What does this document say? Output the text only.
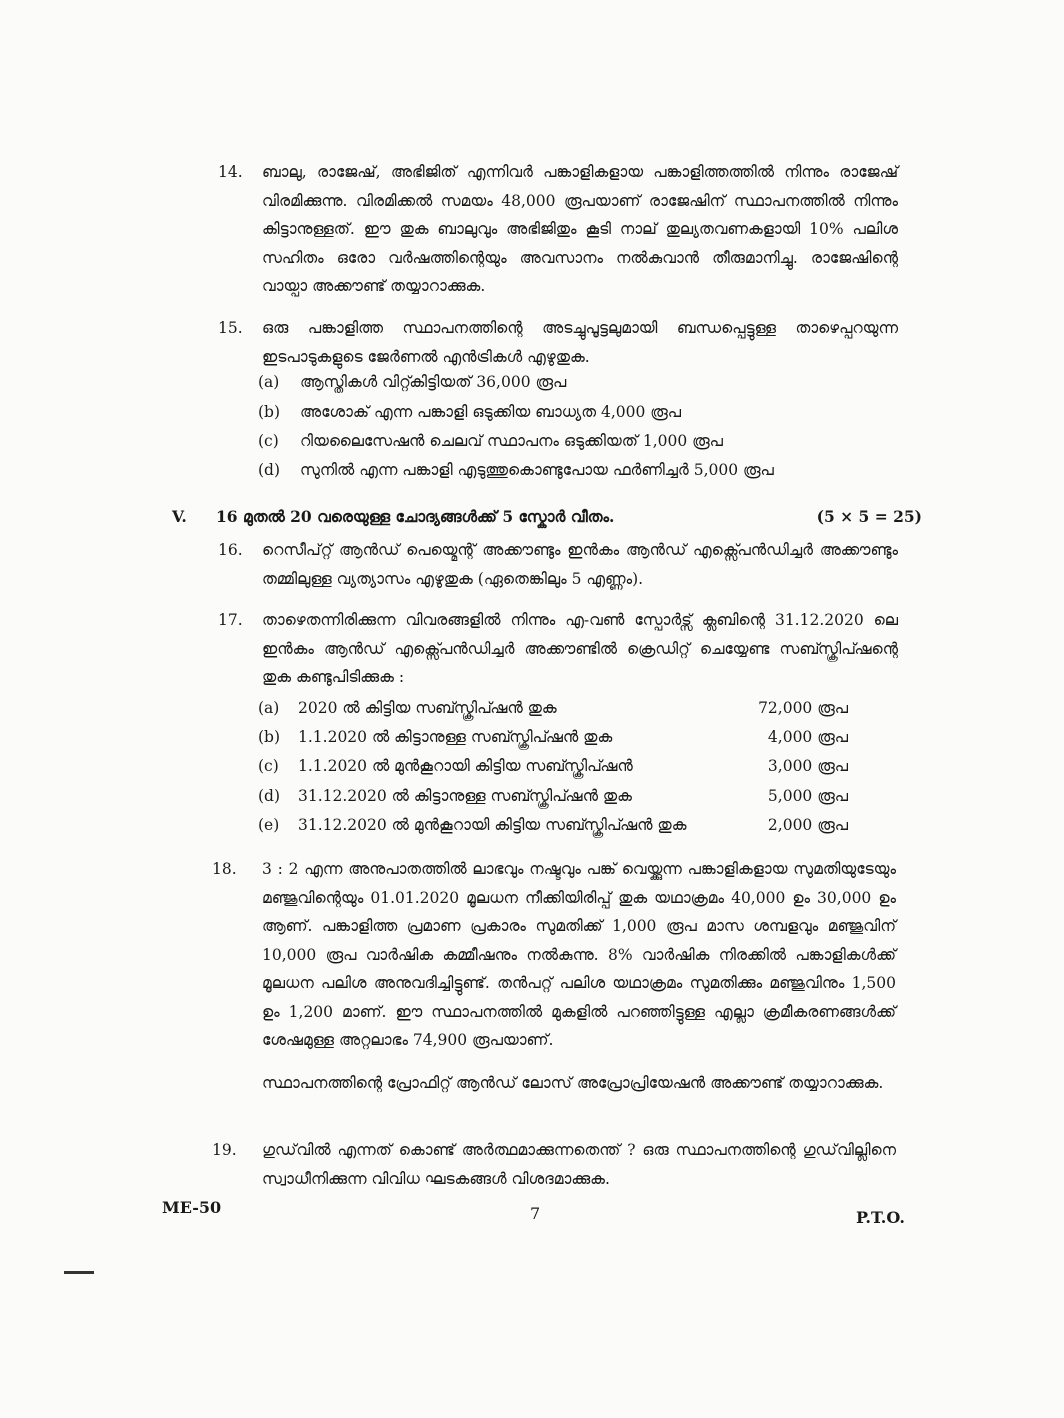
14. ബാലു, രാജേഷ്, അഭിജിത് എന്നിവർ പങ്കാളികളായ പങ്കാളിത്തത്തിൽ നിന്നും രാജേഷ് വിരമിക്കുന്നു. വിരമിക്കൽ സമയം 48,000 രൂപയാണ് രാജേഷിന് സ്ഥാപനത്തിൽ നിന്നും കിട്ടാനുള്ളത്. ഈ തുക ബാലുവും അഭിജിതും കൂടി നാല് തുല്യതവണകളായി 10% പലിശ സഹിതം ഒരോ വർഷത്തിന്റെയും അവസാനം നൽകുവാൻ തീരുമാനിച്ചു. രാജേഷിന്റെ വായ്പാ അക്കൗണ്ട് തയ്യാറാക്കുക.
15. ഒരു പങ്കാളിത്ത സ്ഥാപനത്തിന്റെ അടച്ചുപൂട്ടലുമായി ബന്ധപ്പെട്ടുള്ള താഴെപ്പറയുന്ന ഇടപാടുകളുടെ ജേർണൽ എൻട്രികൾ എഴുതുക.
(a) ആസ്തികൾ വിറ്റ്കിട്ടിയത് 36,000 രൂപ
(b) അശോക് എന്ന പങ്കാളി ഒടുക്കിയ ബാധ്യത 4,000 രൂപ
(c) റിയലൈസേഷൻ ചെലവ് സ്ഥാപനം ഒടുക്കിയത് 1,000 രൂപ
(d) സുനിൽ എന്ന പങ്കാളി എടുത്തുകൊണ്ടുപോയ ഫർണിച്ചർ 5,000 രൂപ
V. 16 മുതൽ 20 വരെയുള്ള ചോദ്യങ്ങൾക്ക് 5 സ്കോർ വീതം.	(5 × 5 = 25)
16. റെസീപ്റ്റ് ആൻഡ് പെയ്മെന്റ് അക്കൗണ്ടും ഇൻകം ആൻഡ് എക്സ്പെൻഡിച്ചർ അക്കൗണ്ടും തമ്മിലുള്ള വ്യത്യാസം എഴുതുക (ഏതെങ്കിലും 5 എണ്ണം).
17. താഴെതന്നിരിക്കുന്ന വിവരങ്ങളിൽ നിന്നും എ-വൺ സ്പോർട്സ് ക്ലബിന്റെ 31.12.2020 ലെ ഇൻകം ആൻഡ് എക്സ്പെൻഡിച്ചർ അക്കൗണ്ടിൽ ക്രെഡിറ്റ് ചെയ്യേണ്ട സബ്സ്ക്രിപ്ഷന്റെ തുക കണ്ടുപിടിക്കുക :
(a) 2020 ൽ കിട്ടിയ സബ്സ്ക്രിപ്ഷൻ തുക	72,000 രൂപ
(b) 1.1.2020 ൽ കിട്ടാനുള്ള സബ്സ്ക്രിപ്ഷൻ തുക	4,000 രൂപ
(c) 1.1.2020 ൽ മുൻകൂറായി കിട്ടിയ സബ്സ്ക്രിപ്ഷൻ	3,000 രൂപ
(d) 31.12.2020 ൽ കിട്ടാനുള്ള സബ്സ്ക്രിപ്ഷൻ തുക	5,000 രൂപ
(e) 31.12.2020 ൽ മുൻകൂറായി കിട്ടിയ സബ്സ്ക്രിപ്ഷൻ തുക	2,000 രൂപ
18. 3 : 2 എന്ന അനുപാതത്തിൽ ലാഭവും നഷ്ടവും പങ്ക് വെയ്ക്കുന്ന പങ്കാളികളായ സുമതിയുടേയും മഞ്ജുവിന്റെയും 01.01.2020 മൂലധന നീക്കിയിരിപ്പ് തുക യഥാക്രമം 40,000 ഉം 30,000 ഉം ആണ്. പങ്കാളിത്ത പ്രമാണ പ്രകാരം സുമതിക്ക് 1,000 രൂപ മാസ ശമ്പളവും മഞ്ജുവിന് 10,000 രൂപ വാർഷിക കമ്മീഷനും നൽകുന്നു. 8% വാർഷിക നിരക്കിൽ പങ്കാളികൾക്ക് മൂലധന പലിശ അനുവദിച്ചിട്ടുണ്ട്. തൻപറ്റ് പലിശ യഥാക്രമം സുമതിക്കും മഞ്ജുവിനും 1,500 ഉം 1,200 മാണ്. ഈ സ്ഥാപനത്തിൽ മുകളിൽ പറഞ്ഞിട്ടുള്ള എല്ലാ ക്രമീകരണങ്ങൾക്ക് ശേഷമുള്ള അറ്റലാഭം 74,900 രൂപയാണ്.
സ്ഥാപനത്തിന്റെ പ്രോഫിറ്റ് ആൻഡ് ലോസ് അപ്രോപ്രിയേഷൻ അക്കൗണ്ട് തയ്യാറാക്കുക.
19. ഗുഡ്‌വിൽ എന്നത് കൊണ്ട് അർത്ഥമാക്കുന്നതെന്ത് ? ഒരു സ്ഥാപനത്തിന്റെ ഗുഡ്‌വില്ലിനെ സ്വാധീനിക്കുന്ന വിവിധ ഘടകങ്ങൾ വിശദമാക്കുക.
ME-50	7	P.T.O.
